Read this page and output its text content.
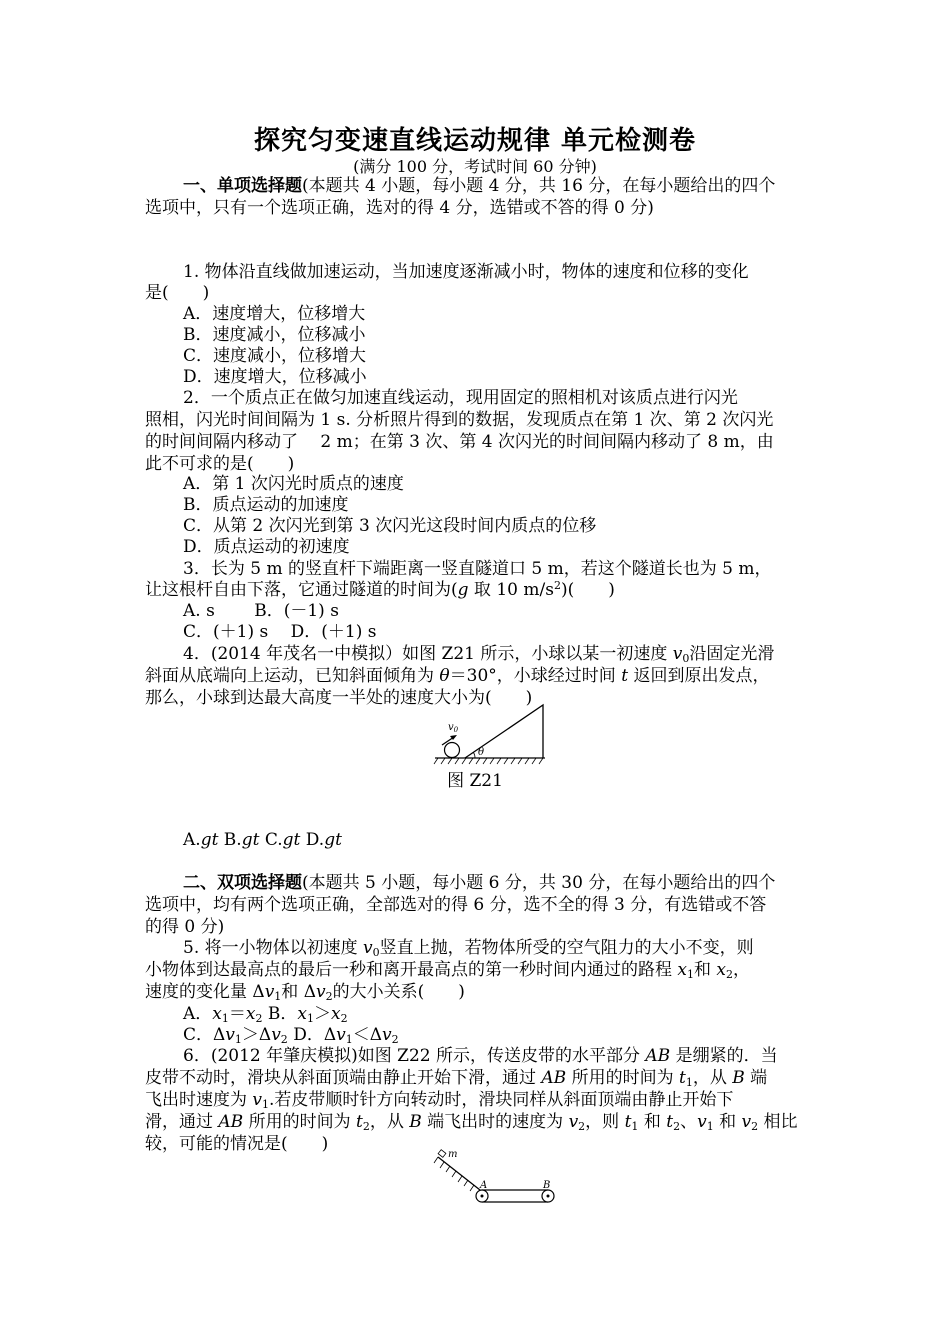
探究匀变速直线运动规律 单元检测卷
(满分 100 分，考试时间 60 分钟)
一、单项选择题(本题共 4 小题，每小题 4 分，共 16 分，在每小题给出的四个
选项中，只有一个选项正确，选对的得 4 分，选错或不答的得 0 分)
1. 物体沿直线做加速运动，当加速度逐渐减小时，物体的速度和位移的变化
是(　　)
A．速度增大，位移增大
B．速度减小，位移减小
C．速度减小，位移增大
D．速度增大，位移减小
2．一个质点正在做匀加速直线运动，现用固定的照相机对该质点进行闪光
照相，闪光时间间隔为 1 s. 分析照片得到的数据，发现质点在第 1 次、第 2 次闪光
的时间间隔内移动了　 2 m；在第 3 次、第 4 次闪光的时间间隔内移动了 8 m，由
此不可求的是(　　)
A．第 1 次闪光时质点的速度
B．质点运动的加速度
C．从第 2 次闪光到第 3 次闪光这段时间内质点的位移
D．质点运动的初速度
3．长为 5 m 的竖直杆下端距离一竖直隧道口 5 m，若这个隧道长也为 5 m，
让这根杆自由下落，它通过隧道的时间为(g 取 10 $m/s^2$)(　　)
A. s　　 B．(－1) s
C．(＋1) s　 D．(＋1) s
4．(2014 年茂名一中模拟）如图 Z21 所示，小球以某一初速度 $v_0$沿固定光滑
斜面从底端向上运动，已知斜面倾角为 θ＝30°，小球经过时间 t 返回到原出发点，
那么，小球到达最大高度一半处的速度大小为(　　)
$v_0$
θ
图 Z21
A.gt B.gt C.gt D.gt
二、双项选择题(本题共 5 小题，每小题 6 分，共 30 分，在每小题给出的四个
选项中，均有两个选项正确，全部选对的得 6 分，选不全的得 3 分，有选错或不答
的得 0 分)
5. 将一小物体以初速度 $v_0$竖直上抛，若物体所受的空气阻力的大小不变，则
小物体到达最高点的最后一秒和离开最高点的第一秒时间内通过的路程 $x_1$和 $x_2$，
速度的变化量 $\Delta v_1$和 $\Delta v_2$的大小关系(　　)
A．$x_1=x_2$ B．$x_1>x_2$
C．$\Delta v_1>\Delta v_2$ D．$\Delta v_1<\Delta v_2$
6．(2012 年肇庆模拟)如图 Z22 所示，传送皮带的水平部分 AB 是绷紧的．当
皮带不动时，滑块从斜面顶端由静止开始下滑，通过 AB 所用的时间为 $t_1$，从 B 端
飞出时速度为 $v_1$.若皮带顺时针方向转动时，滑块同样从斜面顶端由静止开始下
滑，通过 AB 所用的时间为 $t_2$，从 B 端飞出时的速度为 $v_2$，则 $t_1$ 和 $t_2$、$v_1$ 和 $v_2$ 相比
较，可能的情况是(　　)
m
A	B
